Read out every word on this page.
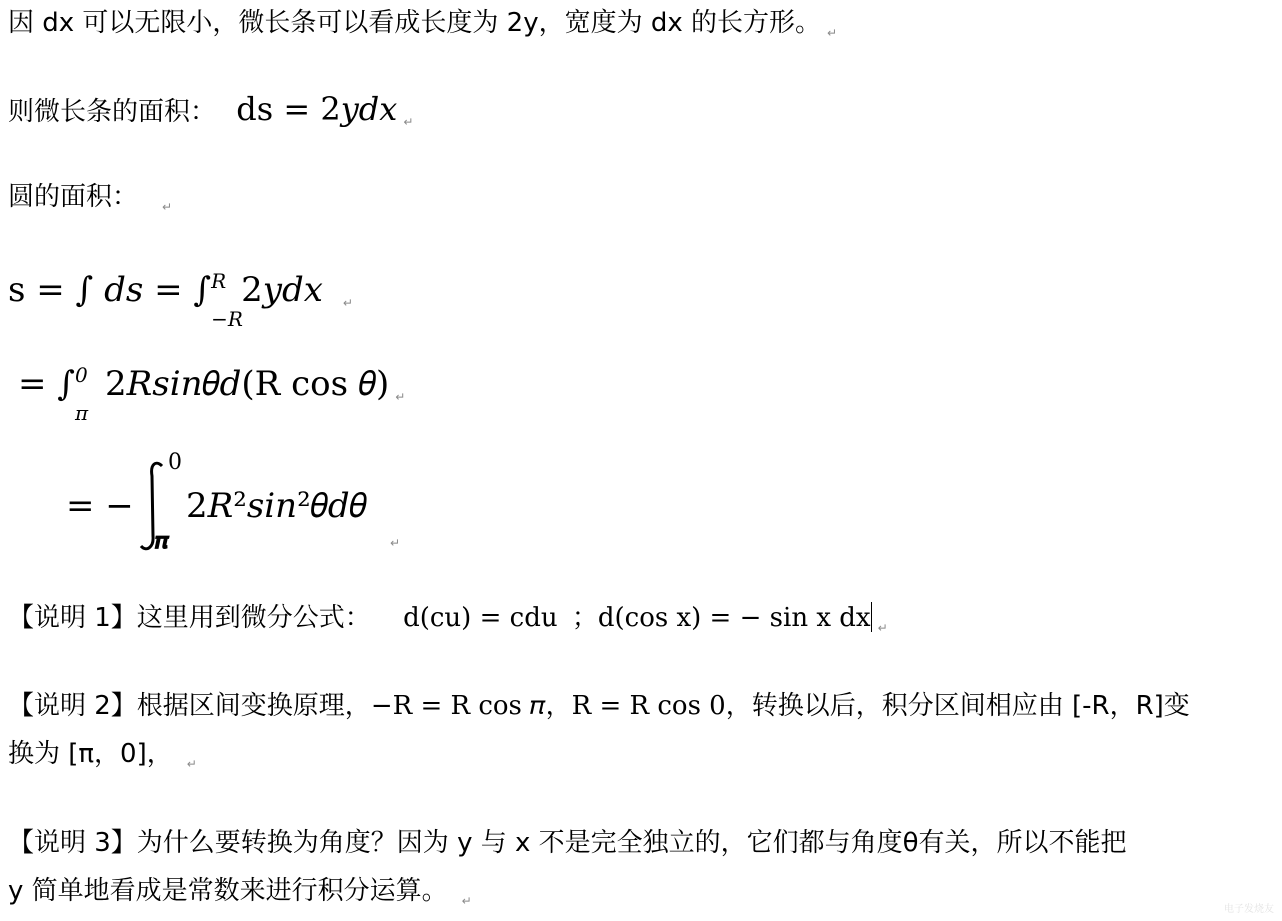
因 dx 可以无限小，微长条可以看成长度为 2y，宽度为 dx 的长方形。 $_↵$
则微长条的面积： ds = 2𝑦𝑑𝑥 $_↵$
圆的面积： $_↵$
s = ∫ 𝑑𝑠 = ∫ 𝑅
−𝑅
2𝑦𝑑𝑥 ↵
= ∫ 0
𝜋
2𝑅𝑠𝑖𝑛𝜃𝑑(R cos 𝜃) ↵
= −
0
𝝅
2𝑅²𝑠𝑖𝑛²𝜃𝑑𝜃
↵
【说明 1】这里用到微分公式： d(cu) = cdu ；d(cos x) = − sin x dx $_↵$
【说明 2】根据区间变换原理，−R = R cos 𝜋，R = R cos 0，转换以后，积分区间相应由 [-R，R]变
换为 [π，0]， $_↵$
【说明 3】为什么要转换为角度？因为 y 与 x 不是完全独立的，它们都与角度θ有关，所以不能把
y 简单地看成是常数来进行积分运算。 $_↵$
电子发烧友
